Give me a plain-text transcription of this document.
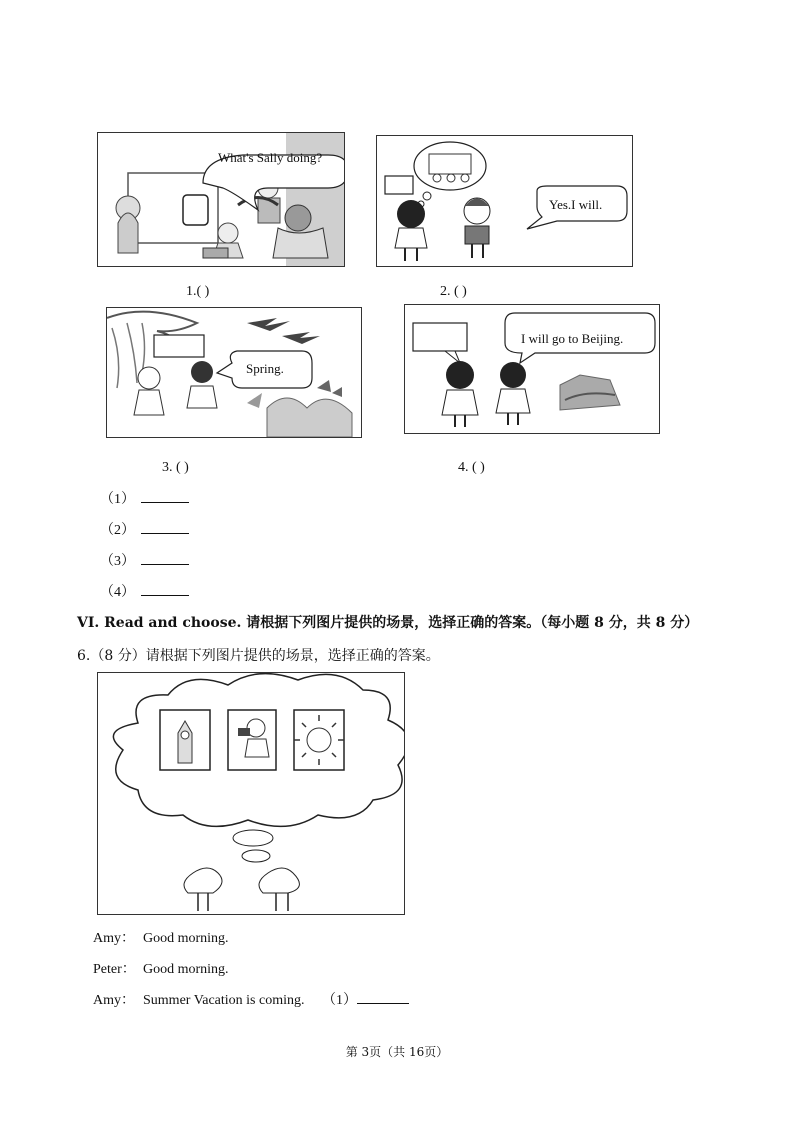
What's Sally doing?
1.( )
Yes.I will.
2. ( )
Spring.
3. ( )
I will go to Beijing.
4. ( )
（1）
（2）
（3）
（4）
VI. Read and choose. 请根据下列图片提供的场景，选择正确的答案。（每小题 8 分，共 8 分）
6.（8 分）请根据下列图片提供的场景，选择正确的答案。
Amy： Good morning.
Peter： Good morning.
Amy： Summer Vacation is coming. （1）
第 3页（共 16页）
